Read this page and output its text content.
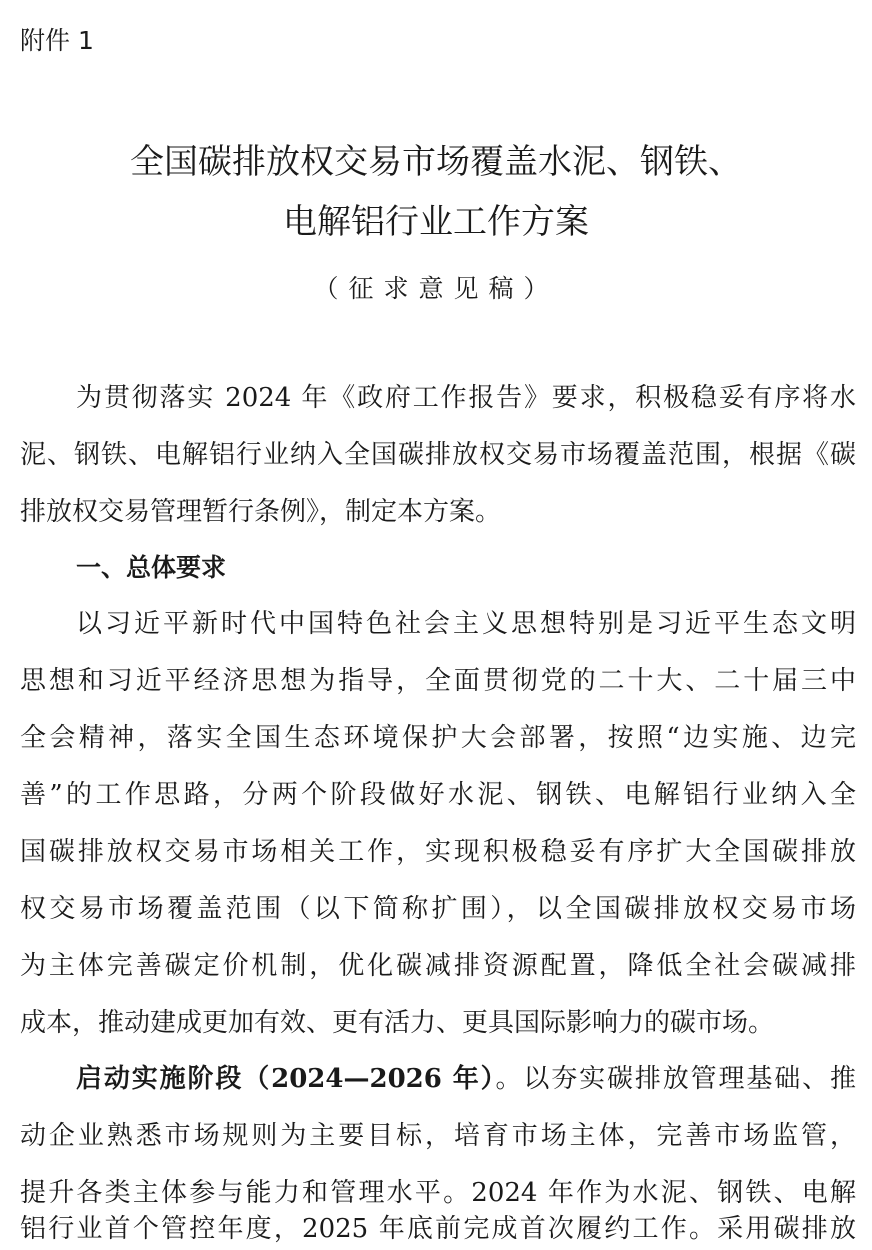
附件 1
全国碳排放权交易市场覆盖水泥、钢铁、
电解铝行业工作方案
（征求意见稿）
为贯彻落实 2024 年《政府工作报告》要求，积极稳妥有序将水
泥、钢铁、电解铝行业纳入全国碳排放权交易市场覆盖范围，根据《碳
排放权交易管理暂行条例》，制定本方案。
一、总体要求
以习近平新时代中国特色社会主义思想特别是习近平生态文明
思想和习近平经济思想为指导，全面贯彻党的二十大、二十届三中
全会精神，落实全国生态环境保护大会部署，按照“边实施、边完
善”的工作思路，分两个阶段做好水泥、钢铁、电解铝行业纳入全
国碳排放权交易市场相关工作，实现积极稳妥有序扩大全国碳排放
权交易市场覆盖范围（以下简称扩围），以全国碳排放权交易市场
为主体完善碳定价机制，优化碳减排资源配置，降低全社会碳减排
成本，推动建成更加有效、更有活力、更具国际影响力的碳市场。
启动实施阶段（2024—2026 年）。以夯实碳排放管理基础、推
动企业熟悉市场规则为主要目标，培育市场主体，完善市场监管，
提升各类主体参与能力和管理水平。2024 年作为水泥、钢铁、电解
铝行业首个管控年度，2025 年底前完成首次履约工作。采用碳排放
